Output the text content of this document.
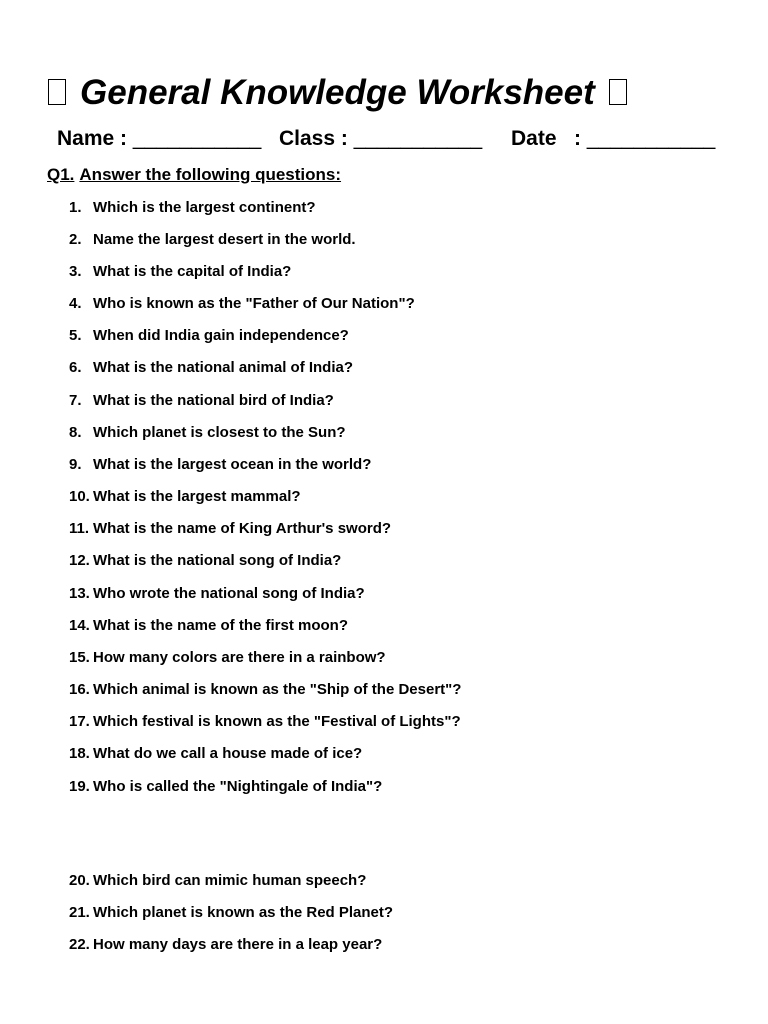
General Knowledge Worksheet
Name : ___________ Class : ___________ Date   : ___________
Q1. Answer the following questions:
1. Which is the largest continent?
2. Name the largest desert in the world.
3. What is the capital of India?
4. Who is known as the "Father of Our Nation"?
5. When did India gain independence?
6. What is the national animal of India?
7. What is the national bird of India?
8. Which planet is closest to the Sun?
9. What is the largest ocean in the world?
10. What is the largest mammal?
11. What is the name of King Arthur's sword?
12. What is the national song of India?
13. Who wrote the national song of India?
14. What is the name of the first moon?
15. How many colors are there in a rainbow?
16. Which animal is known as the "Ship of the Desert"?
17. Which festival is known as the "Festival of Lights"?
18. What do we call a house made of ice?
19. Who is called the "Nightingale of India"?
20. Which bird can mimic human speech?
21. Which planet is known as the Red Planet?
22. How many days are there in a leap year?
